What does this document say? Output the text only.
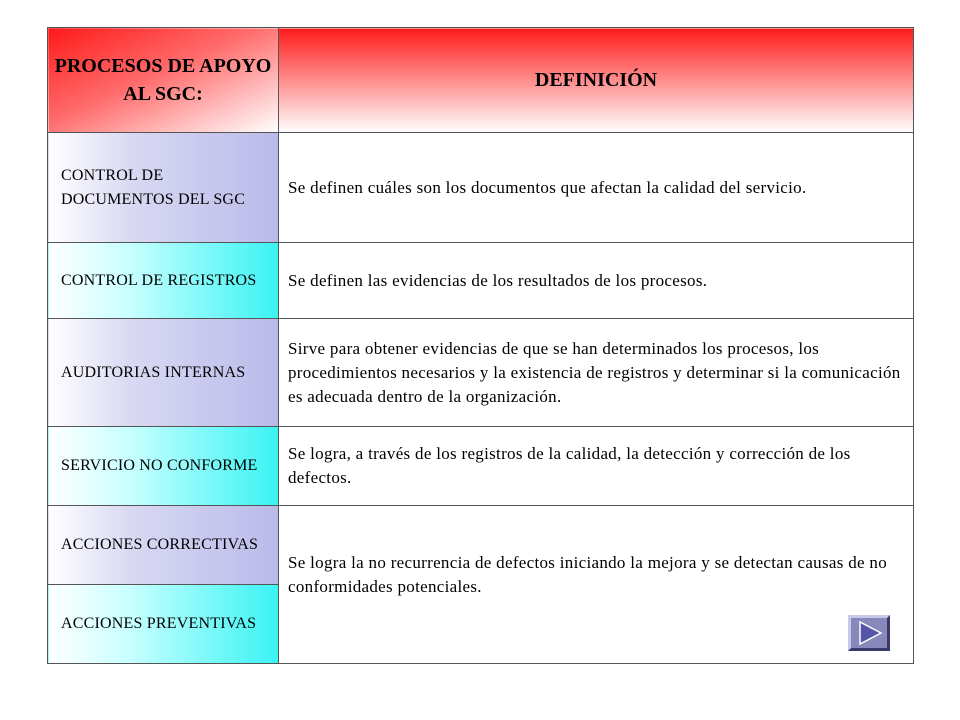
PROCESOS DE APOYO AL SGC:	DEFINICIÓN
CONTROL DE DOCUMENTOS DEL SGC	Se definen cuáles son los documentos que afectan la calidad del servicio.
CONTROL DE REGISTROS	Se definen las evidencias de los resultados de los procesos.
AUDITORIAS INTERNAS	Sirve para obtener evidencias de que se han determinados los procesos, los procedimientos necesarios y la existencia de registros y determinar si la comunicación es adecuada dentro de la organización.
SERVICIO NO CONFORME	Se logra, a través de los registros de la calidad, la detección y corrección de los defectos.
ACCIONES CORRECTIVAS	Se logra la no recurrencia de defectos iniciando la mejora y se detectan causas de no conformidades potenciales.

ACCIONES PREVENTIVAS	
